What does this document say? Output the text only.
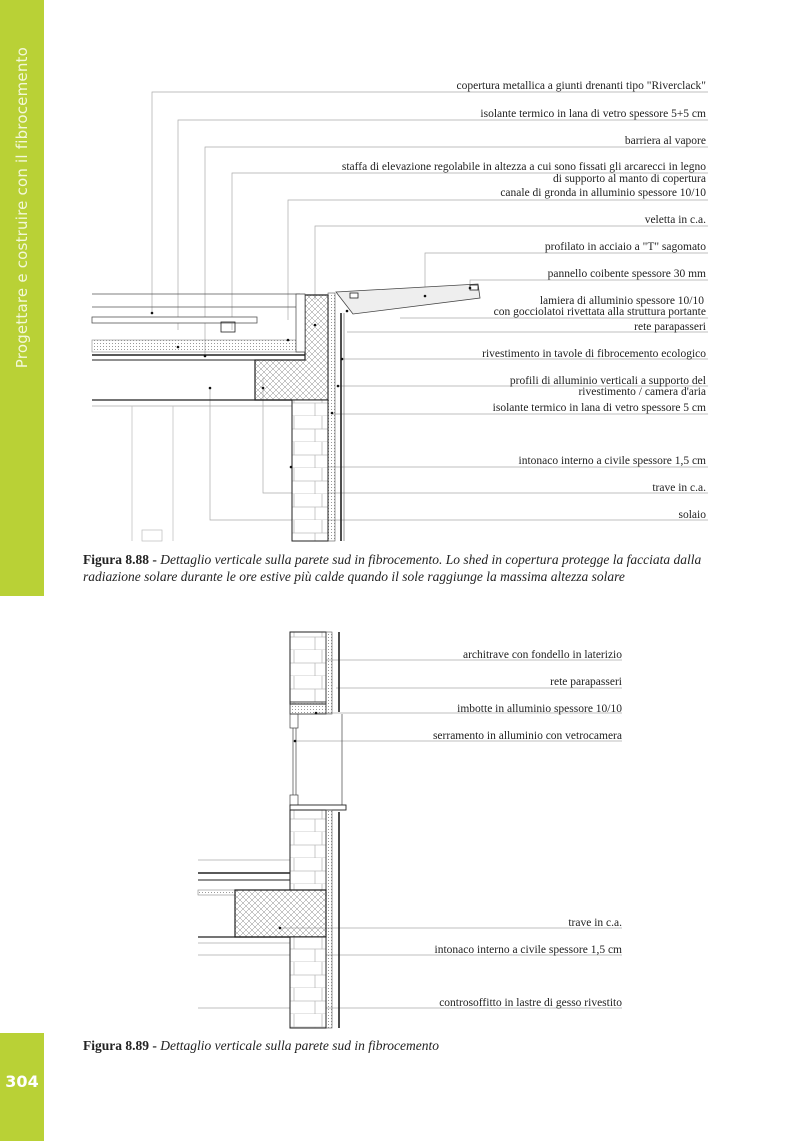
Progettare e costruire con il fibrocemento
304
copertura metallica a giunti drenanti tipo "Riverclack"
isolante termico in lana di vetro spessore 5+5 cm
barriera al vapore
staffa di elevazione regolabile in altezza a cui sono fissati gli arcarecci in legno
di supporto al manto di copertura
canale di gronda in alluminio spessore 10/10
veletta in c.a.
profilato in acciaio a "T" sagomato
pannello coibente spessore 30 mm
lamiera di alluminio spessore 10/10
con gocciolatoi rivettata alla struttura portante
rete parapasseri
rivestimento in tavole di fibrocemento ecologico
profili di alluminio verticali a supporto del
rivestimento / camera d'aria
isolante termico in lana di vetro spessore 5 cm
intonaco interno a civile spessore 1,5 cm
trave in c.a.
solaio
Figura 8.88 - Dettaglio verticale sulla parete sud in fibrocemento. Lo shed in copertura protegge la facciata dalla radiazione solare durante le ore estive più calde quando il sole raggiunge la massima altezza solare
architrave con fondello in laterizio
rete parapasseri
imbotte in alluminio spessore 10/10
serramento in alluminio con vetrocamera
trave in c.a.
intonaco interno a civile spessore 1,5 cm
controsoffitto in lastre di gesso rivestito
Figura 8.89 - Dettaglio verticale sulla parete sud in fibrocemento
